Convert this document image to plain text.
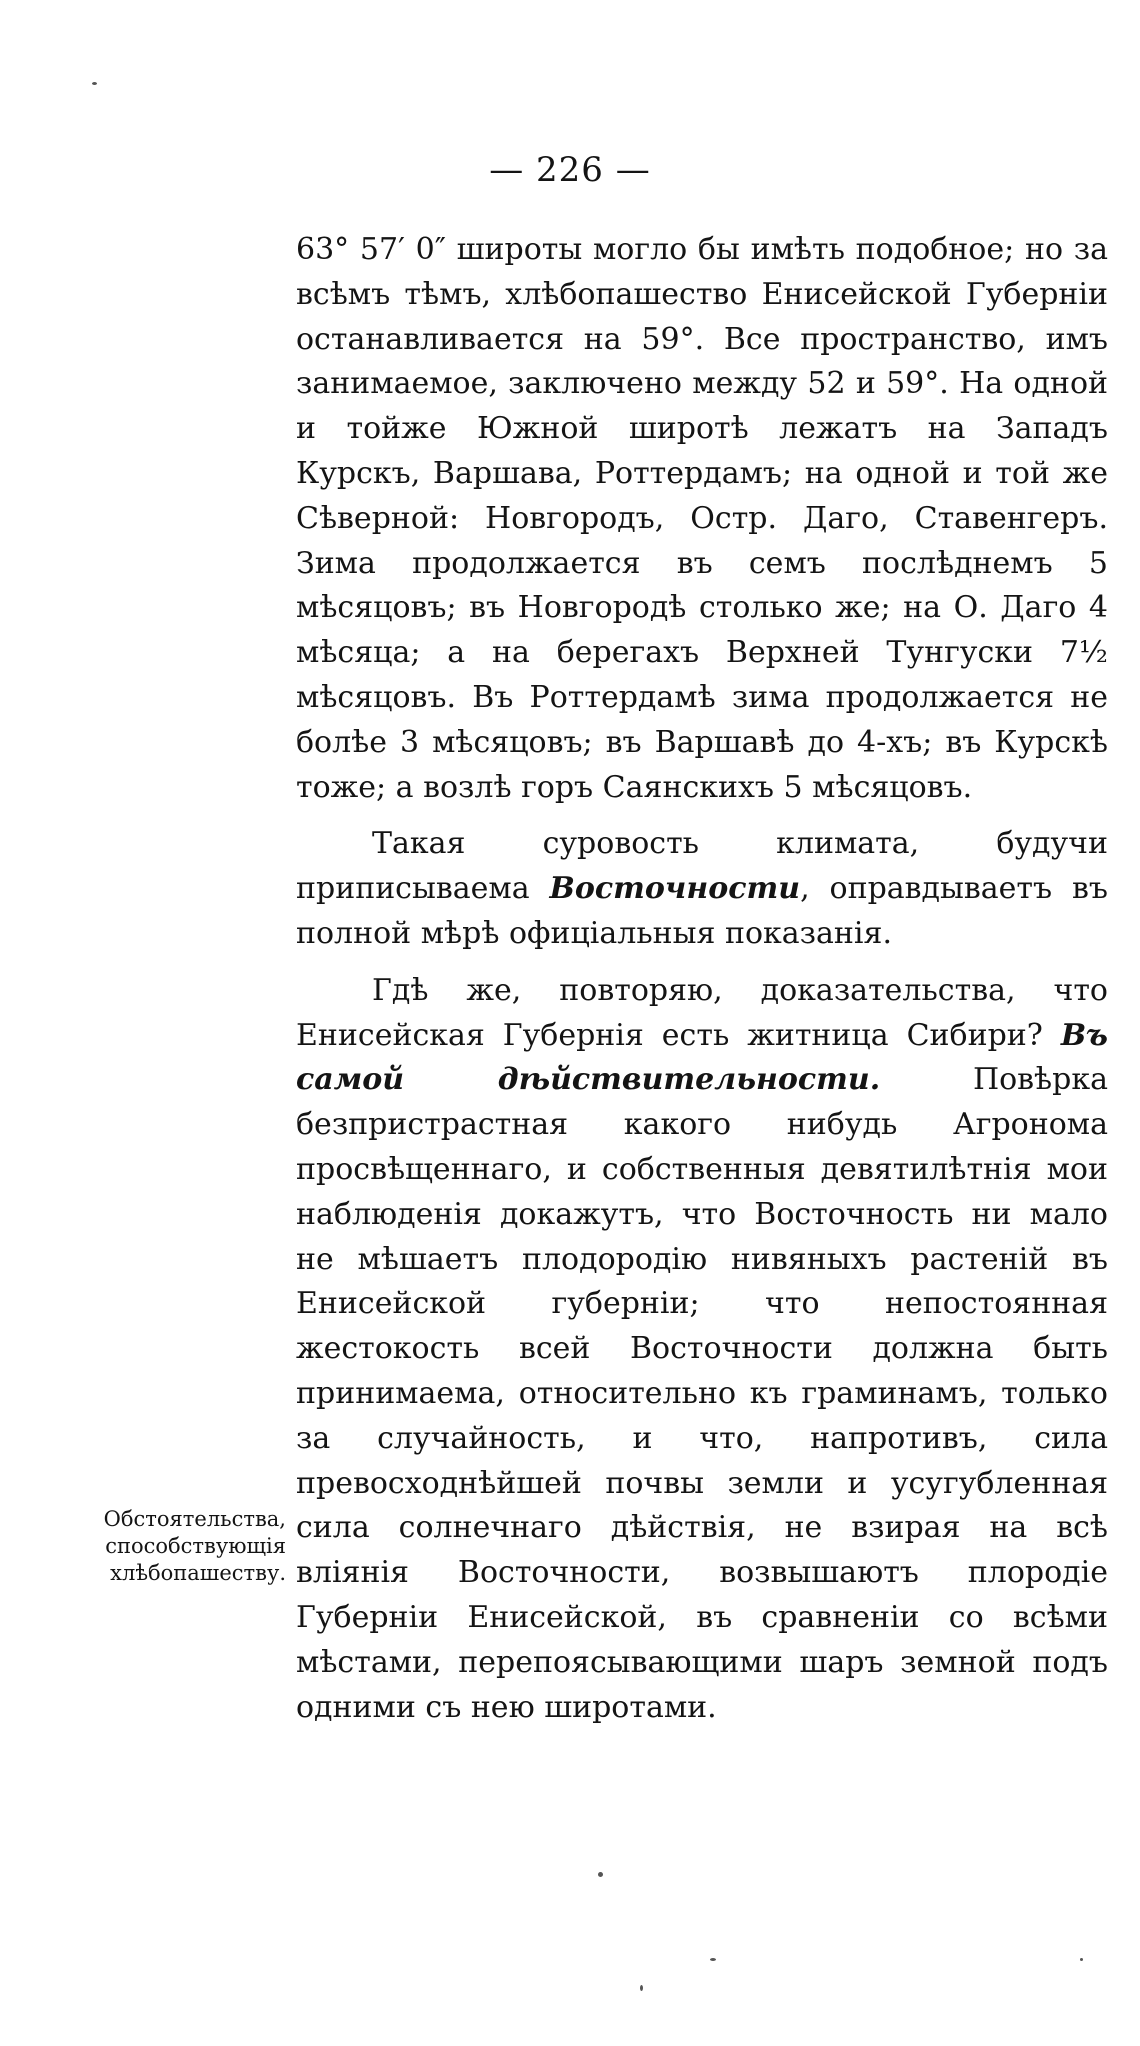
— 226 —

63° 57′ 0″ широты могло бы имѣть подобное; но за всѣмъ тѣмъ, хлѣбопашество Енисейской Губерніи останавливается на 59°. Все пространство, имъ занимаемое, заключено между 52 и 59°. На одной и тойже Южной широтѣ лежатъ на Западъ Курскъ, Варшава, Роттердамъ; на одной и той же Сѣверной: Новгородъ, Остр. Даго, Ставенгеръ. Зима продолжается въ семъ послѣднемъ 5 мѣсяцовъ; въ Новгородѣ столько же; на О. Даго 4 мѣсяца; а на берегахъ Верхней Тунгуски 7½ мѣсяцовъ. Въ Роттердамѣ зима продолжается не болѣе 3 мѣсяцовъ; въ Варшавѣ до 4-хъ; въ Курскѣ тоже; а возлѣ горъ Саянскихъ 5 мѣсяцовъ.

Такая суровость климата, будучи приписываема Восточности, оправдываетъ въ полной мѣрѣ офиціальныя показанія.

Гдѣ же, повторяю, доказательства, что Енисейская Губернія есть житница Сибири? Въ самой дѣйствительности. Повѣрка безпристрастная какого нибудь Агронома просвѣщеннаго, и собственныя девятилѣтнія мои наблюденія докажутъ, что Восточность ни мало не мѣшаетъ плодородію нивяныхъ растеній въ Енисейской губерніи; что непостоянная жестокость всей Восточности должна быть принимаема, относительно къ граминамъ, только за случайность, и что, напротивъ, сила превосходнѣйшей почвы земли и усугубленная сила солнечнаго дѣйствія, не взирая на всѣ вліянія Восточности, возвышаютъ плородіе Губерніи Енисейской, въ сравненіи со всѣми мѣстами, перепоясывающими шаръ земной подъ одними съ нею широтами.

Обстоятельства, способствующія хлѣбопашеству.
